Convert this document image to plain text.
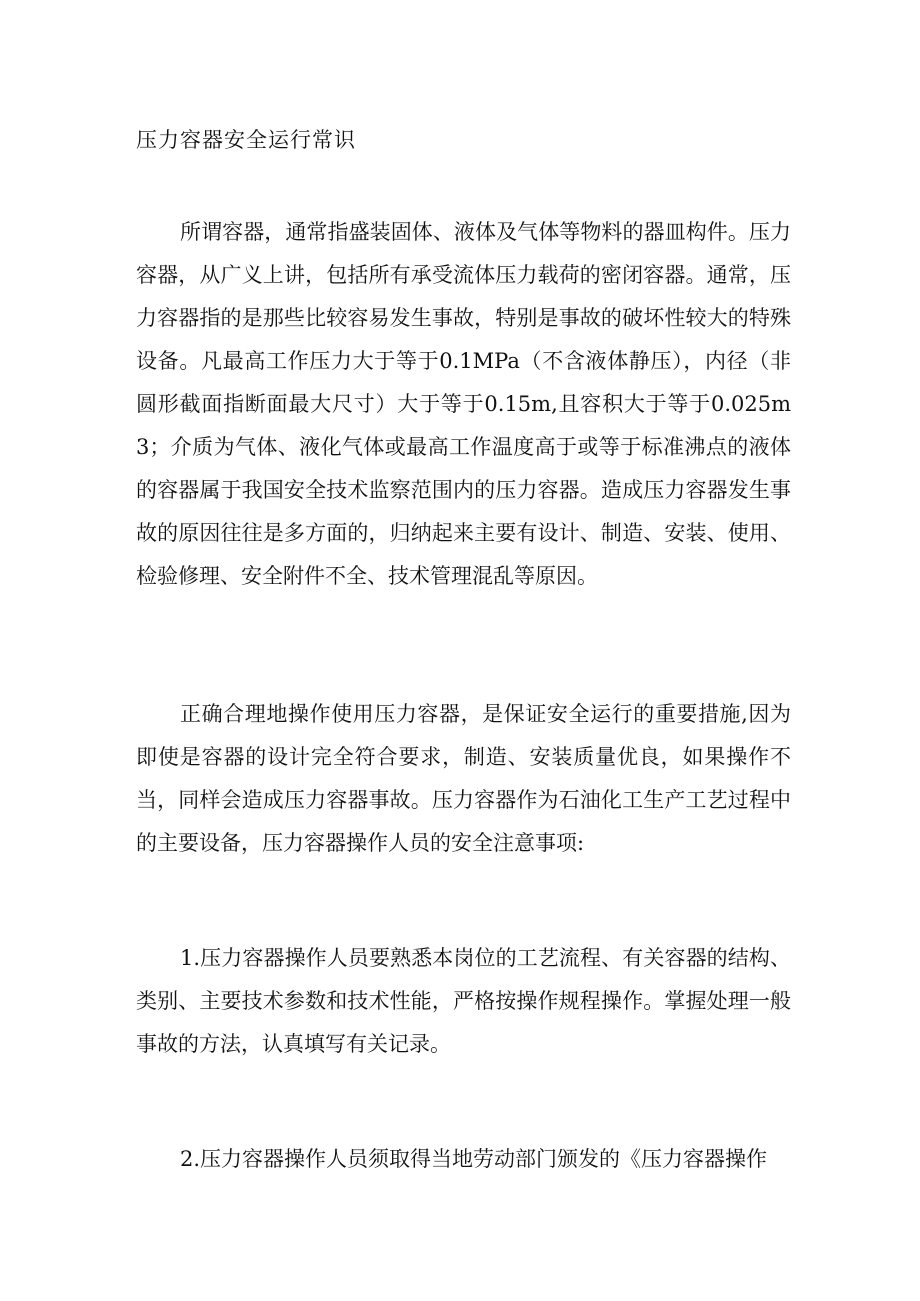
压力容器安全运行常识

所谓容器，通常指盛装固体、液体及气体等物料的器皿构件。压力容器，从广义上讲，包括所有承受流体压力载荷的密闭容器。通常，压力容器指的是那些比较容易发生事故，特别是事故的破坏性较大的特殊设备。凡最高工作压力大于等于0.1MPa（不含液体静压），内径（非圆形截面指断面最大尺寸）大于等于0.15m,且容积大于等于0.025m3；介质为气体、液化气体或最高工作温度高于或等于标准沸点的液体的容器属于我国安全技术监察范围内的压力容器。造成压力容器发生事故的原因往往是多方面的，归纳起来主要有设计、制造、安装、使用、检验修理、安全附件不全、技术管理混乱等原因。

正确合理地操作使用压力容器，是保证安全运行的重要措施,因为即使是容器的设计完全符合要求，制造、安装质量优良，如果操作不当，同样会造成压力容器事故。压力容器作为石油化工生产工艺过程中的主要设备，压力容器操作人员的安全注意事项:

1.压力容器操作人员要熟悉本岗位的工艺流程、有关容器的结构、类别、主要技术参数和技术性能，严格按操作规程操作。掌握处理一般事故的方法，认真填写有关记录。

2.压力容器操作人员须取得当地劳动部门颁发的《压力容器操作
